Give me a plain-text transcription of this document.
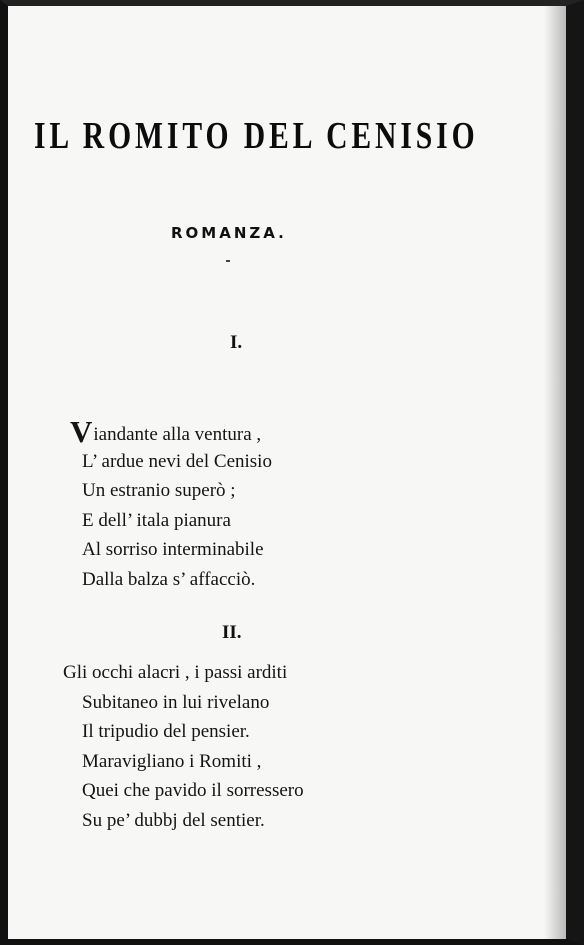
IL ROMITO DEL CENISIO
ROMANZA.
I.
Viandante alla ventura ,
L’ ardue nevi del Cenisio
Un estranio superò ;
E dell’ itala pianura
Al sorriso interminabile
Dalla balza s’ affacciò.
II.
Gli occhi alacri , i passi arditi
Subitaneo in lui rivelano
Il tripudio del pensier.
Maravigliano i Romiti ,
Quei che pavido il sorressero
Su pe’ dubbj del sentier.
